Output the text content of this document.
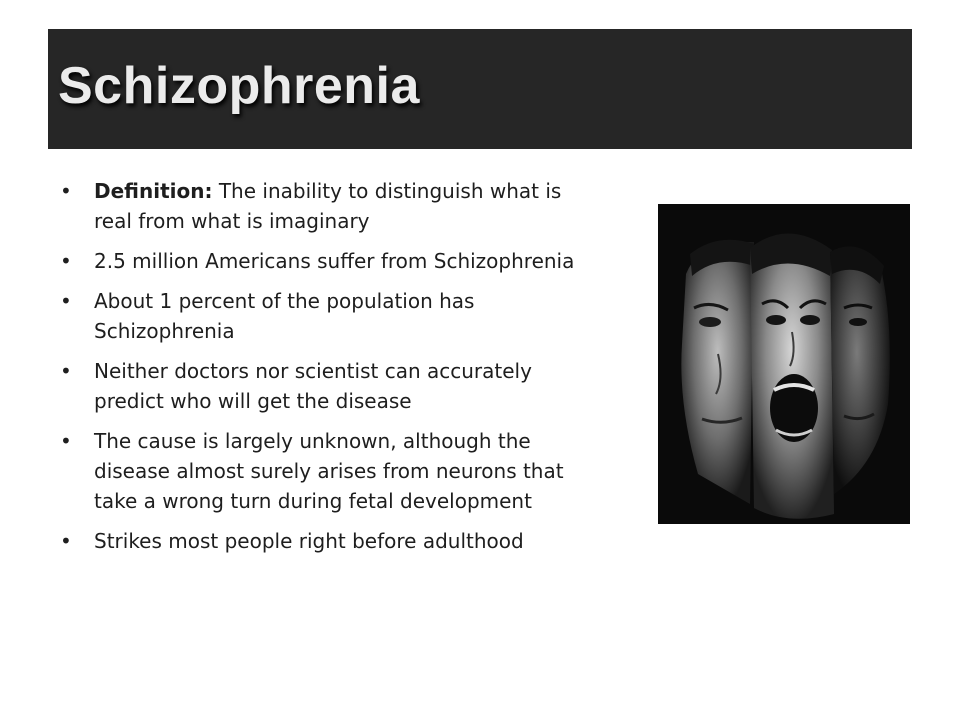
Schizophrenia
• Definition: The inability to distinguish what is real from what is imaginary
• 2.5 million Americans suffer from Schizophrenia
• About 1 percent of the population has Schizophrenia
• Neither doctors nor scientist can accurately predict who will get the disease
• The cause is largely unknown, although the disease almost surely arises from neurons that take a wrong turn during fetal development
• Strikes most people right before adulthood
